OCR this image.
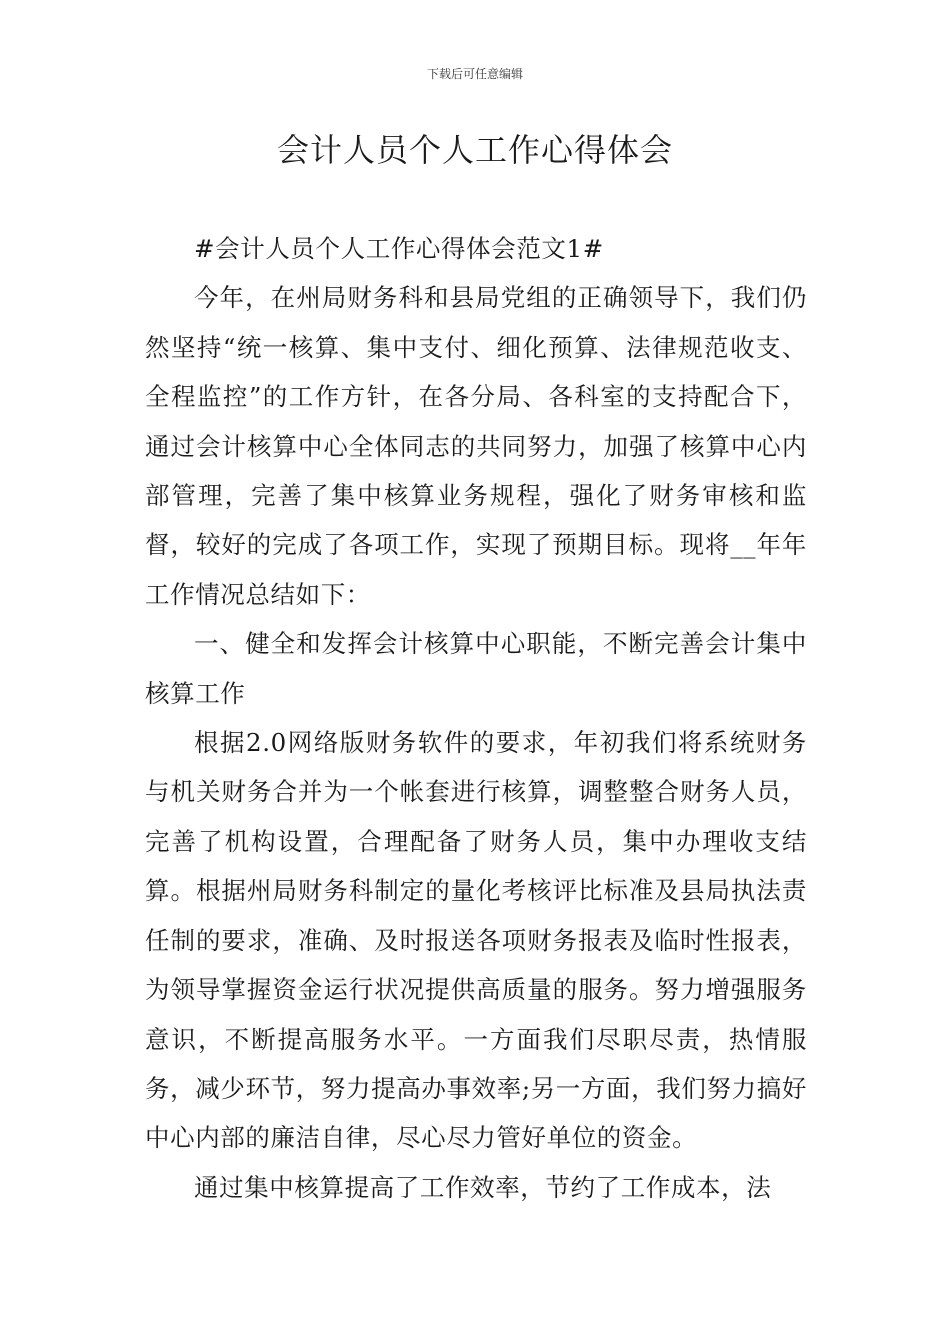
下载后可任意编辑
会计人员个人工作心得体会

#会计人员个人工作心得体会范文1#

今年，在州局财务科和县局党组的正确领导下，我们仍然坚持“统一核算、集中支付、细化预算、法律规范收支、全程监控”的工作方针，在各分局、各科室的支持配合下，通过会计核算中心全体同志的共同努力，加强了核算中心内部管理，完善了集中核算业务规程，强化了财务审核和监督，较好的完成了各项工作，实现了预期目标。现将__年年工作情况总结如下：

一、健全和发挥会计核算中心职能，不断完善会计集中核算工作

根据2.0网络版财务软件的要求，年初我们将系统财务与机关财务合并为一个帐套进行核算，调整整合财务人员，完善了机构设置，合理配备了财务人员，集中办理收支结算。根据州局财务科制定的量化考核评比标准及县局执法责任制的要求，准确、及时报送各项财务报表及临时性报表，为领导掌握资金运行状况提供高质量的服务。努力增强服务意识，不断提高服务水平。一方面我们尽职尽责，热情服务，减少环节，努力提高办事效率;另一方面，我们努力搞好中心内部的廉洁自律，尽心尽力管好单位的资金。

通过集中核算提高了工作效率，节约了工作成本，法
